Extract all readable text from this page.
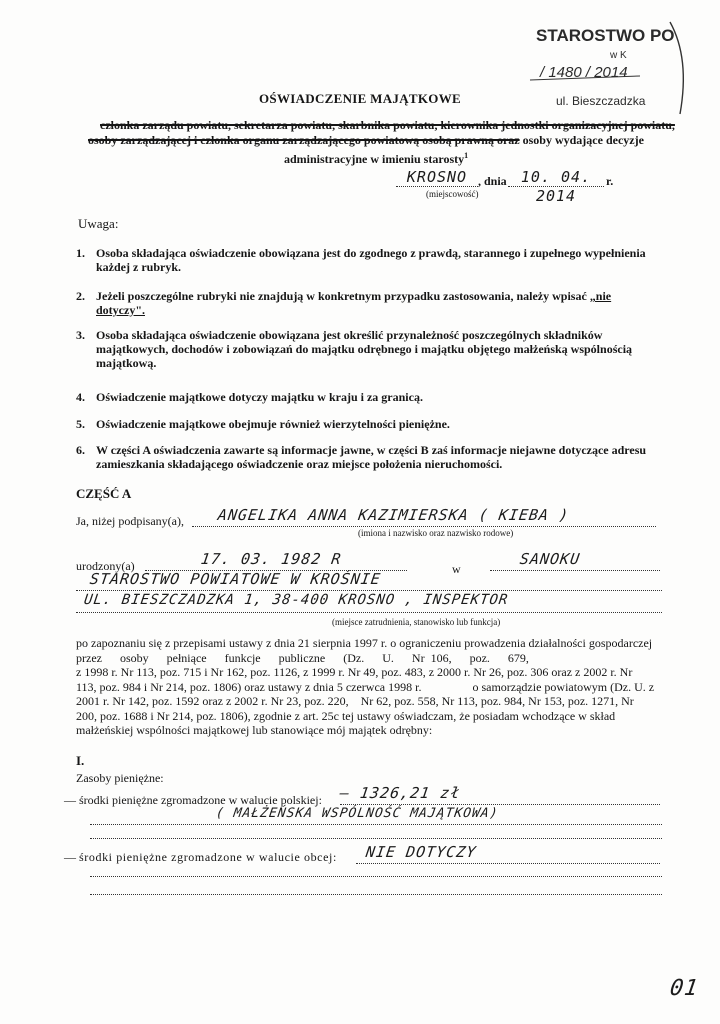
STAROSTWO PO
w K
/ 1480 / 2014
ul. Bieszczadzka
OŚWIADCZENIE MAJĄTKOWE
członka zarządu powiatu, sekretarza powiatu, skarbnika powiatu, kierownika jednostki organizacyjnej powiatu,
osoby zarządzającej i członka organu zarządzającego powiatową osobą prawną oraz osoby wydające decyzje
administracyjne w imieniu starosty$^1$
KROSNO , dnia 10. 04. 2014
r.
(miejscowość)
Uwaga:
1. Osoba składająca oświadczenie obowiązana jest do zgodnego z prawdą, starannego i zupełnego wypełnienia
każdej z rubryk.
2. Jeżeli poszczególne rubryki nie znajdują w konkretnym przypadku zastosowania, należy wpisać „nie
dotyczy".
3. Osoba składająca oświadczenie obowiązana jest określić przynależność poszczególnych składników
majątkowych, dochodów i zobowiązań do majątku odrębnego i majątku objętego małżeńską wspólnością
majątkową.
4. Oświadczenie majątkowe dotyczy majątku w kraju i za granicą.
5. Oświadczenie majątkowe obejmuje również wierzytelności pieniężne.
6. W części A oświadczenia zawarte są informacje jawne, w części B zaś informacje niejawne dotyczące adresu
zamieszkania składającego oświadczenie oraz miejsce położenia nieruchomości.
CZĘŚĆ A
Ja, niżej podpisany(a), ANGELIKA ANNA KAZIMIERSKA ( KIEBA )
(imiona i nazwisko oraz nazwisko rodowe)
urodzony(a)	17. 03. 1982 R
w
SANOKU
STAROSTWO POWIATOWE W KROŚNIE
UL. BIESZCZADZKA 1, 38-400 KROSNO , INSPEKTOR
(miejsce zatrudnienia, stanowisko lub funkcja)
po zapoznaniu się z przepisami ustawy z dnia 21 sierpnia 1997 r. o ograniczeniu prowadzenia działalności gospodarczej
przez      osoby      pełniące      funkcje      publiczne      (Dz.      U.      Nr  106,      poz.      679,
z 1998 r. Nr 113, poz. 715 i Nr 162, poz. 1126, z 1999 r. Nr 49, poz. 483, z 2000 r. Nr 26, poz. 306 oraz z 2002 r. Nr
113, poz. 984 i Nr 214, poz. 1806) oraz ustawy z dnia 5 czerwca 1998 r.                 o samorządzie powiatowym (Dz. U. z
2001 r. Nr 142, poz. 1592 oraz z 2002 r. Nr 23, poz. 220,    Nr 62, poz. 558, Nr 113, poz. 984, Nr 153, poz. 1271, Nr
200, poz. 1688 i Nr 214, poz. 1806), zgodnie z art. 25c tej ustawy oświadczam, że posiadam wchodzące w skład
małżeńskiej wspólności majątkowej lub stanowiące mój majątek odrębny:
I.
Zasoby pieniężne:
— środki pieniężne zgromadzone w walucie polskiej: — 1326,21 zł
( MAŁŻEŃSKA WSPÓLNOŚĆ MAJĄTKOWA)
— środki pieniężne zgromadzone w walucie obcej: NIE DOTYCZY
01
